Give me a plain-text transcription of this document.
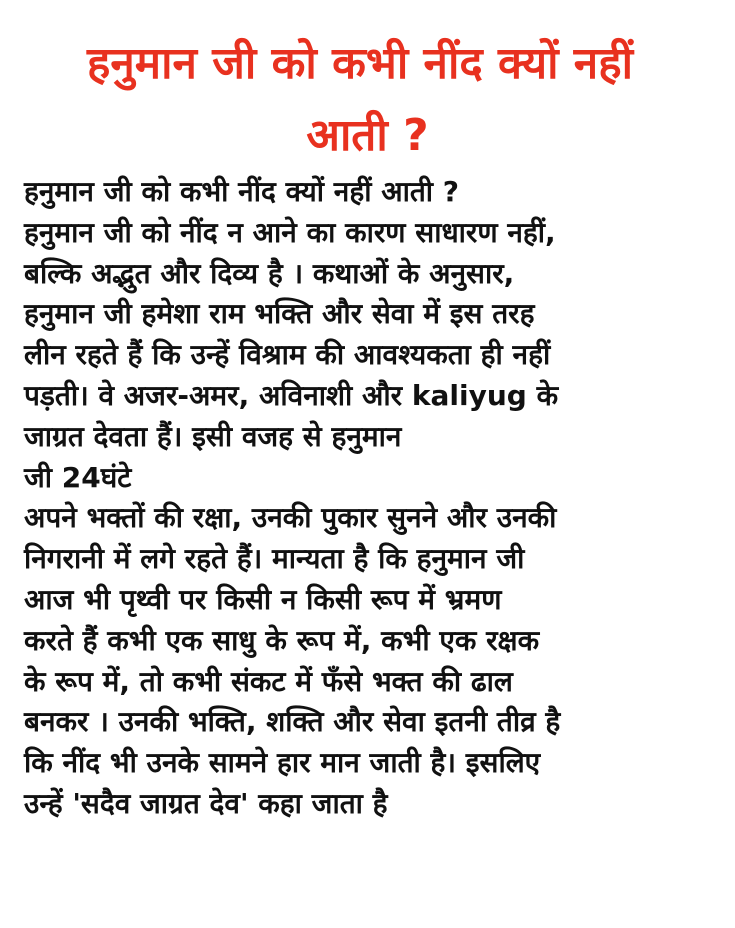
हनुमान जी को कभी नींद क्यों नहीं
आती ?
हनुमान जी को कभी नींद क्यों नहीं आती ?
हनुमान जी को नींद न आने का कारण साधारण नहीं,
बल्कि अद्भुत और दिव्य है । कथाओं के अनुसार,
हनुमान जी हमेशा राम भक्ति और सेवा में इस तरह
लीन रहते हैं कि उन्हें विश्राम की आवश्यकता ही नहीं
पड़ती। वे अजर-अमर, अविनाशी और kaliyug के
जाग्रत देवता हैं। इसी वजह से हनुमान
जी 24घंटे
अपने भक्तों की रक्षा, उनकी पुकार सुनने और उनकी
निगरानी में लगे रहते हैं। मान्यता है कि हनुमान जी
आज भी पृथ्वी पर किसी न किसी रूप में भ्रमण
करते हैं कभी एक साधु के रूप में, कभी एक रक्षक
के रूप में, तो कभी संकट में फँसे भक्त की ढाल
बनकर । उनकी भक्ति, शक्ति और सेवा इतनी तीव्र है
कि नींद भी उनके सामने हार मान जाती है। इसलिए
उन्हें 'सदैव जाग्रत देव' कहा जाता है
